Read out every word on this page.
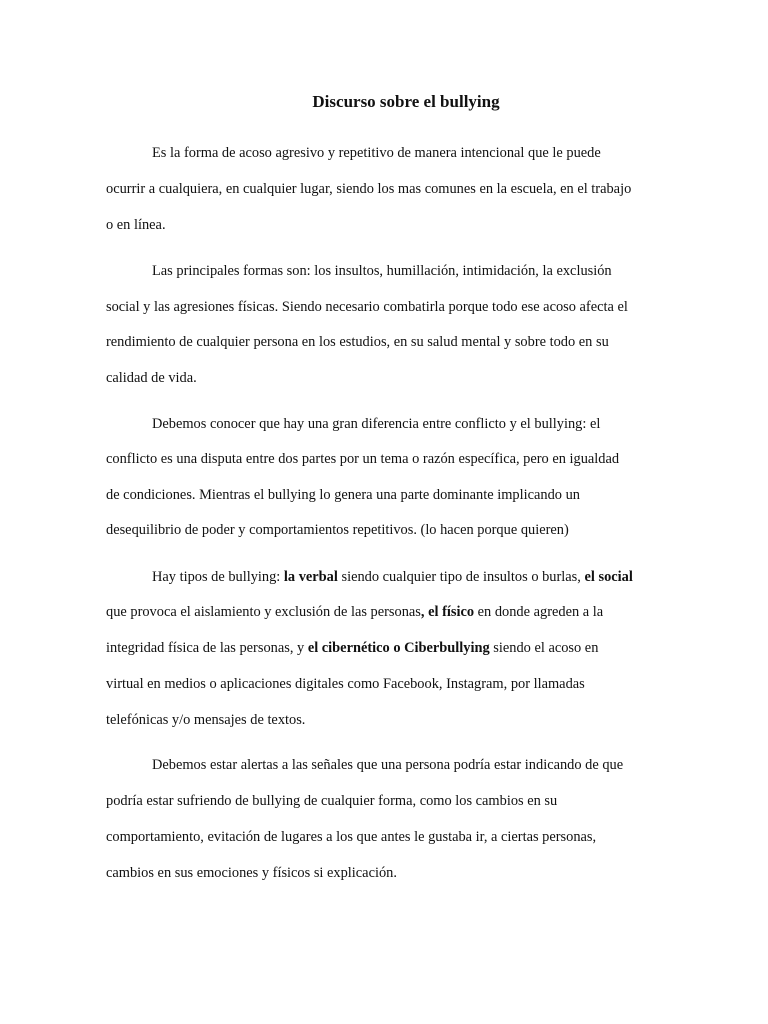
Discurso sobre el bullying

Es la forma de acoso agresivo y repetitivo de manera intencional que le puede

ocurrir a cualquiera, en cualquier lugar, siendo los mas comunes en la escuela, en el trabajo

o en línea.

Las principales formas son: los insultos, humillación, intimidación, la exclusión

social y las agresiones físicas. Siendo necesario combatirla porque todo ese acoso afecta el

rendimiento de cualquier persona en los estudios, en su salud mental y sobre todo en su

calidad de vida.

Debemos conocer que hay una gran diferencia entre conflicto y el bullying: el

conflicto es una disputa entre dos partes por un tema o razón específica, pero en igualdad

de condiciones. Mientras el bullying lo genera una parte dominante implicando un

desequilibrio de poder y comportamientos repetitivos. (lo hacen porque quieren)

Hay tipos de bullying: la verbal siendo cualquier tipo de insultos o burlas, el social

que provoca el aislamiento y exclusión de las personas, el físico en donde agreden a la

integridad física de las personas, y el cibernético o Ciberbullying siendo el acoso en

virtual en medios o aplicaciones digitales como Facebook, Instagram, por llamadas

telefónicas y/o mensajes de textos.

Debemos estar alertas a las señales que una persona podría estar indicando de que

podría estar sufriendo de bullying de cualquier forma, como los cambios en su

comportamiento, evitación de lugares a los que antes le gustaba ir, a ciertas personas,

cambios en sus emociones y físicos si explicación.
